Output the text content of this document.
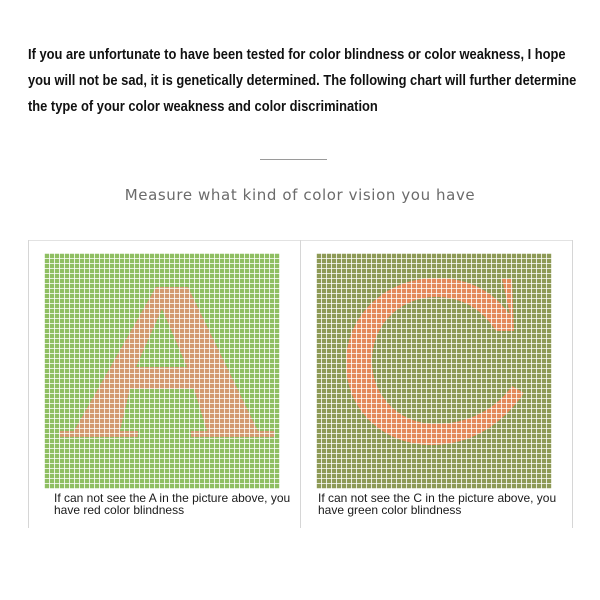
If you are unfortunate to have been tested for color blindness or color weakness, I hope you will not be sad, it is genetically determined. The following chart will further determine the type of your color weakness and color discrimination

Measure what kind of color vision you have

If can not see the A in the picture above, you have red color blindness

If can not see the C in the picture above, you have green color blindness
